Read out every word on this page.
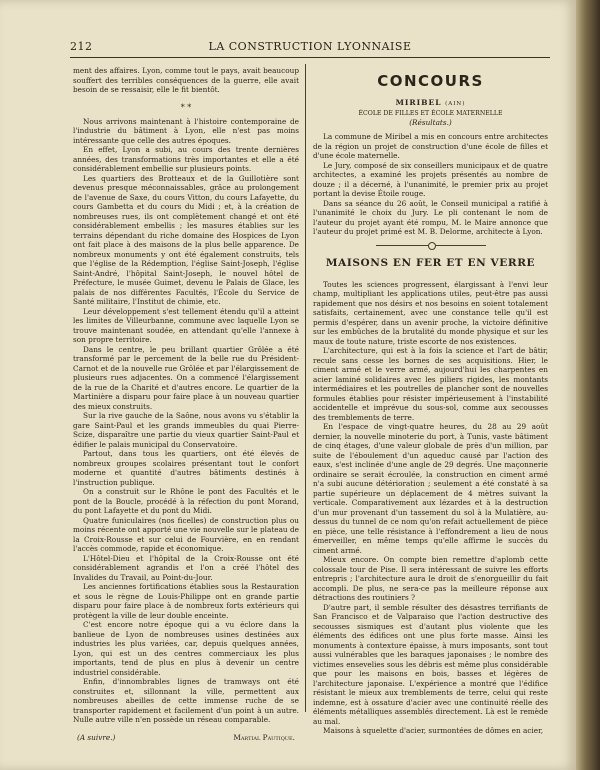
212	LA CONSTRUCTION LYONNAISE

ment des affaires. Lyon, comme tout le pays, avait beaucoup souffert des terribles conséquences de la guerre, elle avait besoin de se ressaisir, elle le fit bientôt.

* *

Nous arrivons maintenant à l'histoire contemporaine de l'industrie du bâtiment à Lyon, elle n'est pas moins intéressante que celle des autres époques.

En effet, Lyon a subi, au cours des trente dernières années, des transformations très importantes et elle a été considérablement embellie sur plusieurs points.

Les quartiers des Brotteaux et de la Guillotière sont devenus presque méconnaissables, grâce au prolongement de l'avenue de Saxe, du cours Vitton, du cours Lafayette, du cours Gambetta et du cours du Midi ; et, à la création de nombreuses rues, ils ont complètement changé et ont été considérablement embellis ; les masures établies sur les terrains dépendant du riche domaine des Hospices de Lyon ont fait place à des maisons de la plus belle apparence. De nombreux monuments y ont été également construits, tels que l'église de la Rédemption, l'église Saint-Joseph, l'église Saint-André, l'hôpital Saint-Joseph, le nouvel hôtel de Préfecture, le musée Guimet, devenu le Palais de Glace, les palais de nos différentes Facultés, l'École du Service de Santé militaire, l'Institut de chimie, etc.

Leur développement s'est tellement étendu qu'il a atteint les limites de Villeurbanne, commune avec laquelle Lyon se trouve maintenant soudée, en attendant qu'elle l'annexe à son propre territoire.

Dans le centre, le peu brillant quartier Grôlée a été transformé par le percement de la belle rue du Président-Carnot et de la nouvelle rue Grôlée et par l'élargissement de plusieurs rues adjacentes. On a commencé l'élargissement de la rue de la Charité et d'autres encore. Le quartier de la Martinière a disparu pour faire place à un nouveau quartier des mieux construits.

Sur la rive gauche de la Saône, nous avons vu s'établir la gare Saint-Paul et les grands immeubles du quai Pierre-Scize, disparaître une partie du vieux quartier Saint-Paul et édifier le palais municipal du Conservatoire.

Partout, dans tous les quartiers, ont été élevés de nombreux groupes scolaires présentant tout le confort moderne et quantité d'autres bâtiments destinés à l'instruction publique.

On a construit sur le Rhône le pont des Facultés et le pont de la Boucle, procédé à la réfection du pont Morand, du pont Lafayette et du pont du Midi.

Quatre funiculaires (nos ficelles) de construction plus ou moins récente ont apporté une vie nouvelle sur le plateau de la Croix-Rousse et sur celui de Fourvière, en en rendant l'accès commode, rapide et économique.

L'Hôtel-Dieu et l'hôpital de la Croix-Rousse ont été considérablement agrandis et l'on a créé l'hôtel des Invalides du Travail, au Point-du-Jour.

Les anciennes fortifications établies sous la Restauration et sous le règne de Louis-Philippe ont en grande partie disparu pour faire place à de nombreux forts extérieurs qui protègent la ville de leur double enceinte.

C'est encore notre époque qui a vu éclore dans la banlieue de Lyon de nombreuses usines destinées aux industries les plus variées, car, depuis quelques années, Lyon, qui est un des centres commerciaux les plus importants, tend de plus en plus à devenir un centre industriel considérable.

Enfin, d'innombrables lignes de tramways ont été construites et, sillonnant la ville, permettent aux nombreuses abeilles de cette immense ruche de se transporter rapidement et facilement d'un point à un autre. Nulle autre ville n'en possède un réseau comparable.

(A suivre.)	Martial Pautique.
CONCOURS
MIRIBEL (AIN)
ÉCOLE DE FILLES ET ÉCOLE MATERNELLE
(Résultats.)

La commune de Miribel a mis en concours entre architectes de la région un projet de construction d'une école de filles et d'une école maternelle.

Le Jury, composé de six conseillers municipaux et de quatre architectes, a examiné les projets présentés au nombre de douze ; il a décerné, à l'unanimité, le premier prix au projet portant la devise Étoile rouge.

Dans sa séance du 26 août, le Conseil municipal a ratifié à l'unanimité le choix du Jury. Le pli contenant le nom de l'auteur du projet ayant été rompu, M. le Maire annonce que l'auteur du projet primé est M. B. Delorme, architecte à Lyon.

MAISONS EN FER ET EN VERRE

Toutes les sciences progressent, élargissant à l'envi leur champ, multipliant les applications utiles, peut-être pas aussi rapidement que nos désirs et nos besoins en soient totalement satisfaits, certainement, avec une constance telle qu'il est permis d'espérer, dans un avenir proche, la victoire définitive sur les embûches de la brutalité du monde physique et sur les maux de toute nature, triste escorte de nos existences.

L'architecture, qui est à la fois la science et l'art de bâtir, recule sans cesse les bornes de ses acquisitions. Hier, le ciment armé et le verre armé, aujourd'hui les charpentes en acier laminé solidaires avec les piliers rigides, les montants intermédiaires et les poutrelles de plancher sont de nouvelles formules établies pour résister impérieusement à l'instabilité accidentelle et imprévue du sous-sol, comme aux secousses des tremblements de terre.

En l'espace de vingt-quatre heures, du 28 au 29 août dernier, la nouvelle minoterie du port, à Tunis, vaste bâtiment de cinq étages, d'une valeur globale de près d'un million, par suite de l'éboulement d'un aqueduc causé par l'action des eaux, s'est inclinée d'une angle de 29 degrés. Une maçonnerie ordinaire se serait écroulée, la construction en ciment armé n'a subi aucune détérioration ; seulement a été constaté à sa partie supérieure un déplacement de 4 mètres suivant la verticale. Comparativement aux lézardes et à la destruction d'un mur provenant d'un tassement du sol à la Mulatière, au-dessus du tunnel de ce nom qu'on refait actuellement de pièce en pièce, une telle résistance à l'effondrement a lieu de nous émerveiller, en même temps qu'elle affirme le succès du ciment armé.

Mieux encore. On compte bien remettre d'aplomb cette colossale tour de Pise. Il sera intéressant de suivre les efforts entrepris ; l'architecture aura le droit de s'enorgueillir du fait accompli. De plus, ne sera-ce pas la meilleure réponse aux détractions des routiniers ?

D'autre part, il semble résulter des désastres terrifiants de San Francisco et de Valparaiso que l'action destructive des secousses sismiques est d'autant plus violente que les éléments des édifices ont une plus forte masse. Ainsi les monuments à contexture épaisse, à murs imposants, sont tout aussi vulnérables que les baraques japonaises ; le nombre des victimes ensevelies sous les débris est même plus considérable que pour les maisons en bois, basses et légères de l'architecture japonaise. L'expérience a montré que l'édifice résistant le mieux aux tremblements de terre, celui qui reste indemne, est à ossature d'acier avec une continuité réelle des éléments métalliques assemblés directement. Là est le remède au mal.

Maisons à squelette d'acier, surmontées de dômes en acier,
